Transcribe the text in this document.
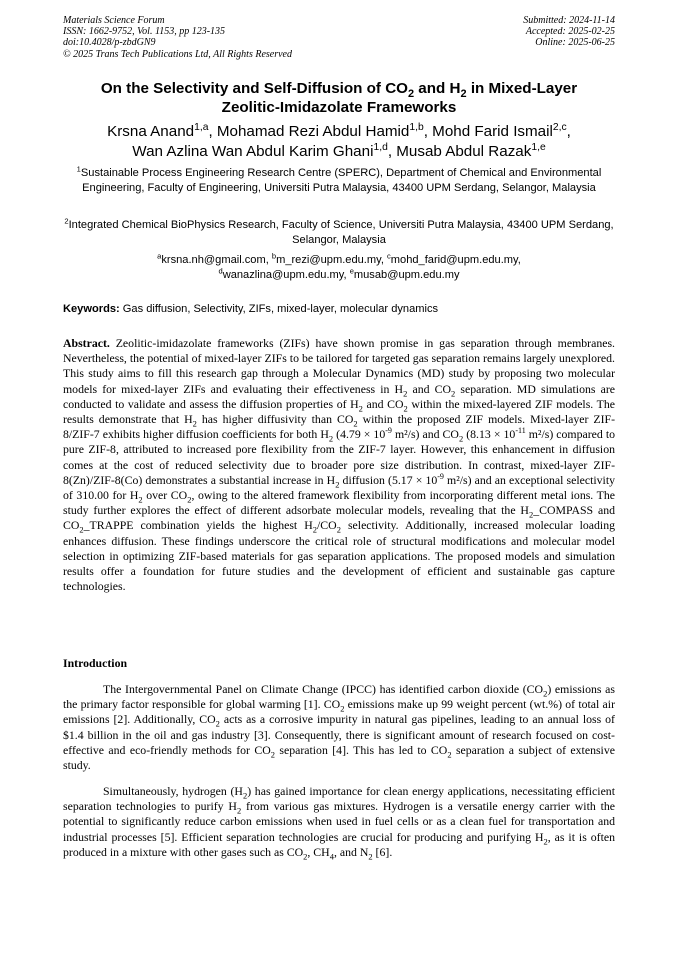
Materials Science Forum
ISSN: 1662-9752, Vol. 1153, pp 123-135
doi:10.4028/p-zbdGN9
© 2025 Trans Tech Publications Ltd, All Rights Reserved
Submitted: 2024-11-14
Accepted: 2025-02-25
Online: 2025-06-25
On the Selectivity and Self-Diffusion of $CO_2$ and $H_2$ in Mixed-Layer
Zeolitic-Imidazolate Frameworks
Krsna Anand$^{1,a}$, Mohamad Rezi Abdul Hamid$^{1,b}$, Mohd Farid Ismail$^{2,c}$,
Wan Azlina Wan Abdul Karim Ghani$^{1,d}$, Musab Abdul Razak$^{1,e}$
$^1$Sustainable Process Engineering Research Centre (SPERC), Department of Chemical and Environmental Engineering, Faculty of Engineering, Universiti Putra Malaysia, 43400 UPM Serdang, Selangor, Malaysia
$^2$Integrated Chemical BioPhysics Research, Faculty of Science, Universiti Putra Malaysia, 43400 UPM Serdang, Selangor, Malaysia
$^a$krsna.nh@gmail.com, $^b$m_rezi@upm.edu.my, $^c$mohd_farid@upm.edu.my,
$^d$wanazlina@upm.edu.my, $^e$musab@upm.edu.my
Keywords: Gas diffusion, Selectivity, ZIFs, mixed-layer, molecular dynamics
Abstract. Zeolitic-imidazolate frameworks (ZIFs) have shown promise in gas separation through membranes. Nevertheless, the potential of mixed-layer ZIFs to be tailored for targeted gas separation remains largely unexplored. This study aims to fill this research gap through a Molecular Dynamics (MD) study by proposing two molecular models for mixed-layer ZIFs and evaluating their effectiveness in $H_2$ and $CO_2$ separation. MD simulations are conducted to validate and assess the diffusion properties of $H_2$ and $CO_2$ within the mixed-layered ZIF models. The results demonstrate that $H_2$ has higher diffusivity than $CO_2$ within the proposed ZIF models. Mixed-layer ZIF-8/ZIF-7 exhibits higher diffusion coefficients for both $H_2$ ($4.79 \times 10^{-9}$ m²/s) and $CO_2$ ($8.13 \times 10^{-11}$ m²/s) compared to pure ZIF-8, attributed to increased pore flexibility from the ZIF-7 layer. However, this enhancement in diffusion comes at the cost of reduced selectivity due to broader pore size distribution. In contrast, mixed-layer ZIF-8(Zn)/ZIF-8(Co) demonstrates a substantial increase in $H_2$ diffusion ($5.17 \times 10^{-9}$ m²/s) and an exceptional selectivity of 310.00 for $H_2$ over $CO_2$, owing to the altered framework flexibility from incorporating different metal ions. The study further explores the effect of different adsorbate molecular models, revealing that the $H_2\_COMPASS$ and $CO_2\_TRAPPE$ combination yields the highest $H_2/CO_2$ selectivity. Additionally, increased molecular loading enhances diffusion. These findings underscore the critical role of structural modifications and molecular model selection in optimizing ZIF-based materials for gas separation applications. The proposed models and simulation results offer a foundation for future studies and the development of efficient and sustainable gas capture technologies.
Introduction
The Intergovernmental Panel on Climate Change (IPCC) has identified carbon dioxide $(CO_2)$ emissions as the primary factor responsible for global warming [1]. $CO_2$ emissions make up 99 weight percent (wt.%) of total air emissions [2]. Additionally, $CO_2$ acts as a corrosive impurity in natural gas pipelines, leading to an annual loss of $1.4 billion in the oil and gas industry [3]. Consequently, there is significant amount of research focused on cost-effective and eco-friendly methods for $CO_2$ separation [4]. This has led to $CO_2$ separation a subject of extensive study.
Simultaneously, hydrogen $(H_2)$ has gained importance for clean energy applications, necessitating efficient separation technologies to purify $H_2$ from various gas mixtures. Hydrogen is a versatile energy carrier with the potential to significantly reduce carbon emissions when used in fuel cells or as a clean fuel for transportation and industrial processes [5]. Efficient separation technologies are crucial for producing and purifying $H_2$, as it is often produced in a mixture with other gases such as $CO_2$, $CH_4$, and $N_2$ [6].
